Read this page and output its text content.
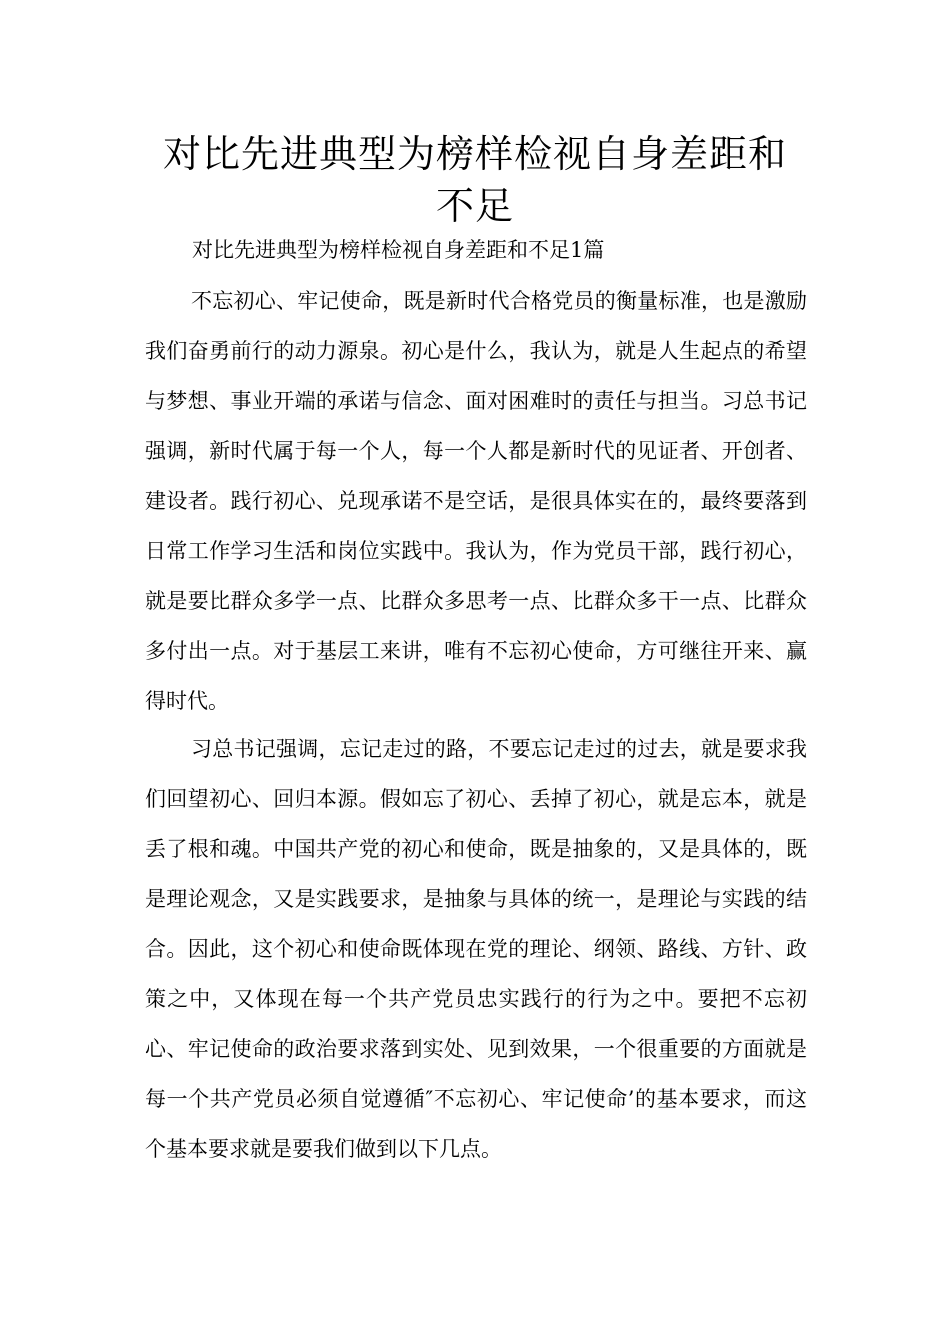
对比先进典型为榜样检视自身差距和不足

对比先进典型为榜样检视自身差距和不足1篇

不忘初心、牢记使命，既是新时代合格党员的衡量标准，也是激励我们奋勇前行的动力源泉。初心是什么，我认为，就是人生起点的希望与梦想、事业开端的承诺与信念、面对困难时的责任与担当。习总书记强调，新时代属于每一个人，每一个人都是新时代的见证者、开创者、建设者。践行初心、兑现承诺不是空话，是很具体实在的，最终要落到日常工作学习生活和岗位实践中。我认为，作为党员干部，践行初心，就是要比群众多学一点、比群众多思考一点、比群众多干一点、比群众多付出一点。对于基层工来讲，唯有不忘初心使命，方可继往开来、赢得时代。

习总书记强调，忘记走过的路，不要忘记走过的过去，就是要求我们回望初心、回归本源。假如忘了初心、丢掉了初心，就是忘本，就是丢了根和魂。中国共产党的初心和使命，既是抽象的，又是具体的，既是理论观念，又是实践要求，是抽象与具体的统一，是理论与实践的结合。因此，这个初心和使命既体现在党的理论、纲领、路线、方针、政策之中，又体现在每一个共产党员忠实践行的行为之中。要把不忘初心、牢记使命的政治要求落到实处、见到效果，一个很重要的方面就是每一个共产党员必须自觉遵循″不忘初心、牢记使命’的基本要求，而这个基本要求就是要我们做到以下几点。
